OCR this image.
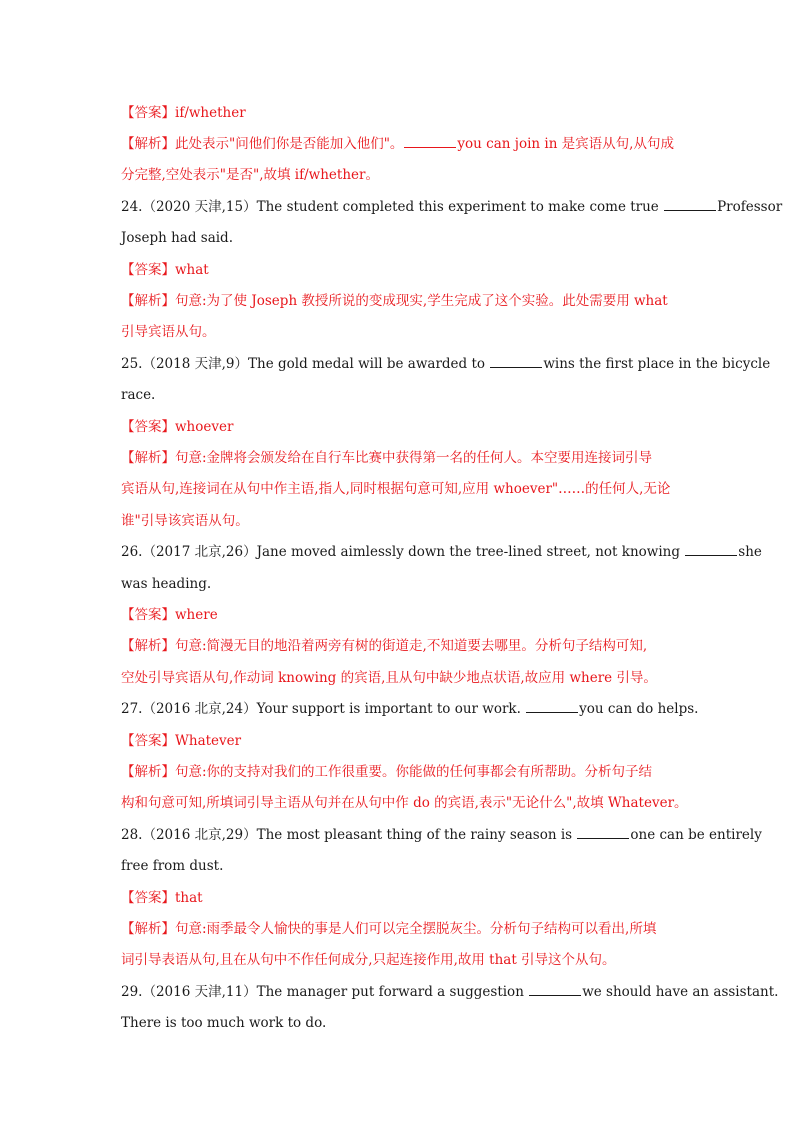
【答案】if/whether
【解析】此处表示"问他们你是否能加入他们"。	you can join in 是宾语从句,从句成
分完整,空处表示"是否",故填 if/whether。
24.（2020 天津,15）The student completed this experiment to make come true	Professor
Joseph had said.
【答案】what
【解析】句意:为了使 Joseph 教授所说的变成现实,学生完成了这个实验。此处需要用 what
引导宾语从句。
25.（2018 天津,9）The gold medal will be awarded to	wins the first place in the bicycle
race.
【答案】whoever
【解析】句意:金牌将会颁发给在自行车比赛中获得第一名的任何人。本空要用连接词引导
宾语从句,连接词在从句中作主语,指人,同时根据句意可知,应用 whoever"……的任何人,无论
谁"引导该宾语从句。
26.（2017 北京,26）Jane moved aimlessly down the tree-lined street, not knowing	she
was heading.
【答案】where
【解析】句意:简漫无目的地沿着两旁有树的街道走,不知道要去哪里。分析句子结构可知,
空处引导宾语从句,作动词 knowing 的宾语,且从句中缺少地点状语,故应用 where 引导。
27.（2016 北京,24）Your support is important to our work.	you can do helps.
【答案】Whatever
【解析】句意:你的支持对我们的工作很重要。你能做的任何事都会有所帮助。分析句子结
构和句意可知,所填词引导主语从句并在从句中作 do 的宾语,表示"无论什么",故填 Whatever。
28.（2016 北京,29）The most pleasant thing of the rainy season is	one can be entirely
free from dust.
【答案】that
【解析】句意:雨季最令人愉快的事是人们可以完全摆脱灰尘。分析句子结构可以看出,所填
词引导表语从句,且在从句中不作任何成分,只起连接作用,故用 that 引导这个从句。
29.（2016 天津,11）The manager put forward a suggestion	we should have an assistant.
There is too much work to do.
